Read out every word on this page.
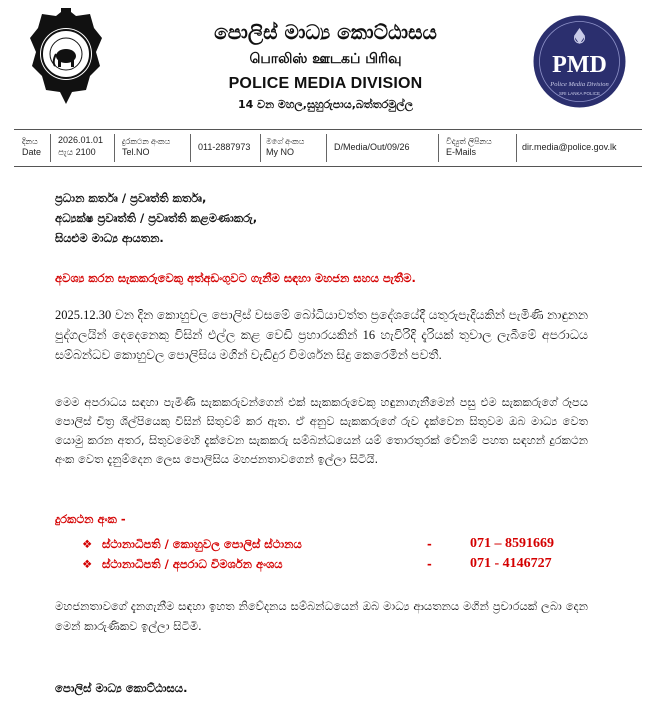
පොලිස් මාධ්‍ය කොට්ඨාසය
பொலிஸ் ஊடகப் பிரிவு
POLICE MEDIA DIVISION
14 වන මහල,සුහුරුපාය,බත්තරමුල්ල
PMD
Police Media Division
SRI LANKA POLICE
දිනය
Date
2026.01.01
පැය 2100
දුරකථන අංකය
Tel.NO	011-2887973
මගේ අංකය
My NO	D/Media/Out/09/26
විද්‍යුත් ලිපිනය
E-Mails	dir.media@police.gov.lk
ප්‍රධාන කර්තෘ / ප්‍රවෘත්ති කර්තෘ,
අධ්‍යක්ෂ ප්‍රවෘත්ති / ප්‍රවෘත්ති කළමණාකරු,
සියළුම මාධ්‍ය ආයතන.
අවශ්‍ය කරන සැකකරුවෙකු අත්අඩංගුවට ගැනීම සඳහා මහජන සහය පැතීම.
2025.12.30 වන දින කොහුවල පොලිස් වසමේ බෝධියාවත්ත ප්‍රදේශයේදී යතුරුපැදියකින් පැමිණි නාඳුනන පුද්ගලයින් දෙදෙනෙකු විසින් එල්ල කළ වෙඩි ප්‍රහාරයකින් 16 හැවිරිදි දැරියක් තුවාල ලැබීමේ අපරාධය සම්බන්ධව කොහුවල පොලිසිය මගින් වැඩිදුර විමර්ශන සිදු කෙරෙමින් පවතී.
මෙම අපරාධය සඳහා පැමිණි සැකකරුවන්ගෙන් එක් සැකකරුවෙකු හඳුනාගැනීමෙන් පසු එම සැකකරුගේ රූපය පොලිස් චිත්‍ර ශිල්පියෙකු විසින් සිතුවම් කර ඇත. ඒ අනුව සැකකරුගේ රුව දැක්වෙන සිතුවම ඔබ මාධ්‍ය වෙත යොමු කරන අතර, සිතුවමෙහි දැක්වෙන සැකකරු සම්බන්ධයෙන් යම් තොරතුරක් වේනම් පහත සඳහන් දුරකථන අංක වෙත දැනුම්දෙන ලෙස පොලිසිය මහජනතාවගෙන් ඉල්ලා සිටියි.
දුරකථන අංක -
❖ ස්ථානාධිපති / කොහුවල පොලිස් ස්ථානය	-	071 – 8591669
❖ ස්ථානාධිපති / අපරාධ විමර්ශන අංශය	-	071 - 4146727
මහජනතාවගේ දැනගැනීම සඳහා ඉහත නිවේදනය සම්බන්ධයෙන් ඔබ මාධ්‍ය ආයතනය මගින් ප්‍රචාරයක් ලබා දෙන මෙන් කාරුණිකව ඉල්ලා සිටිමි.
පොලිස් මාධ්‍ය කොට්ඨාසය.
